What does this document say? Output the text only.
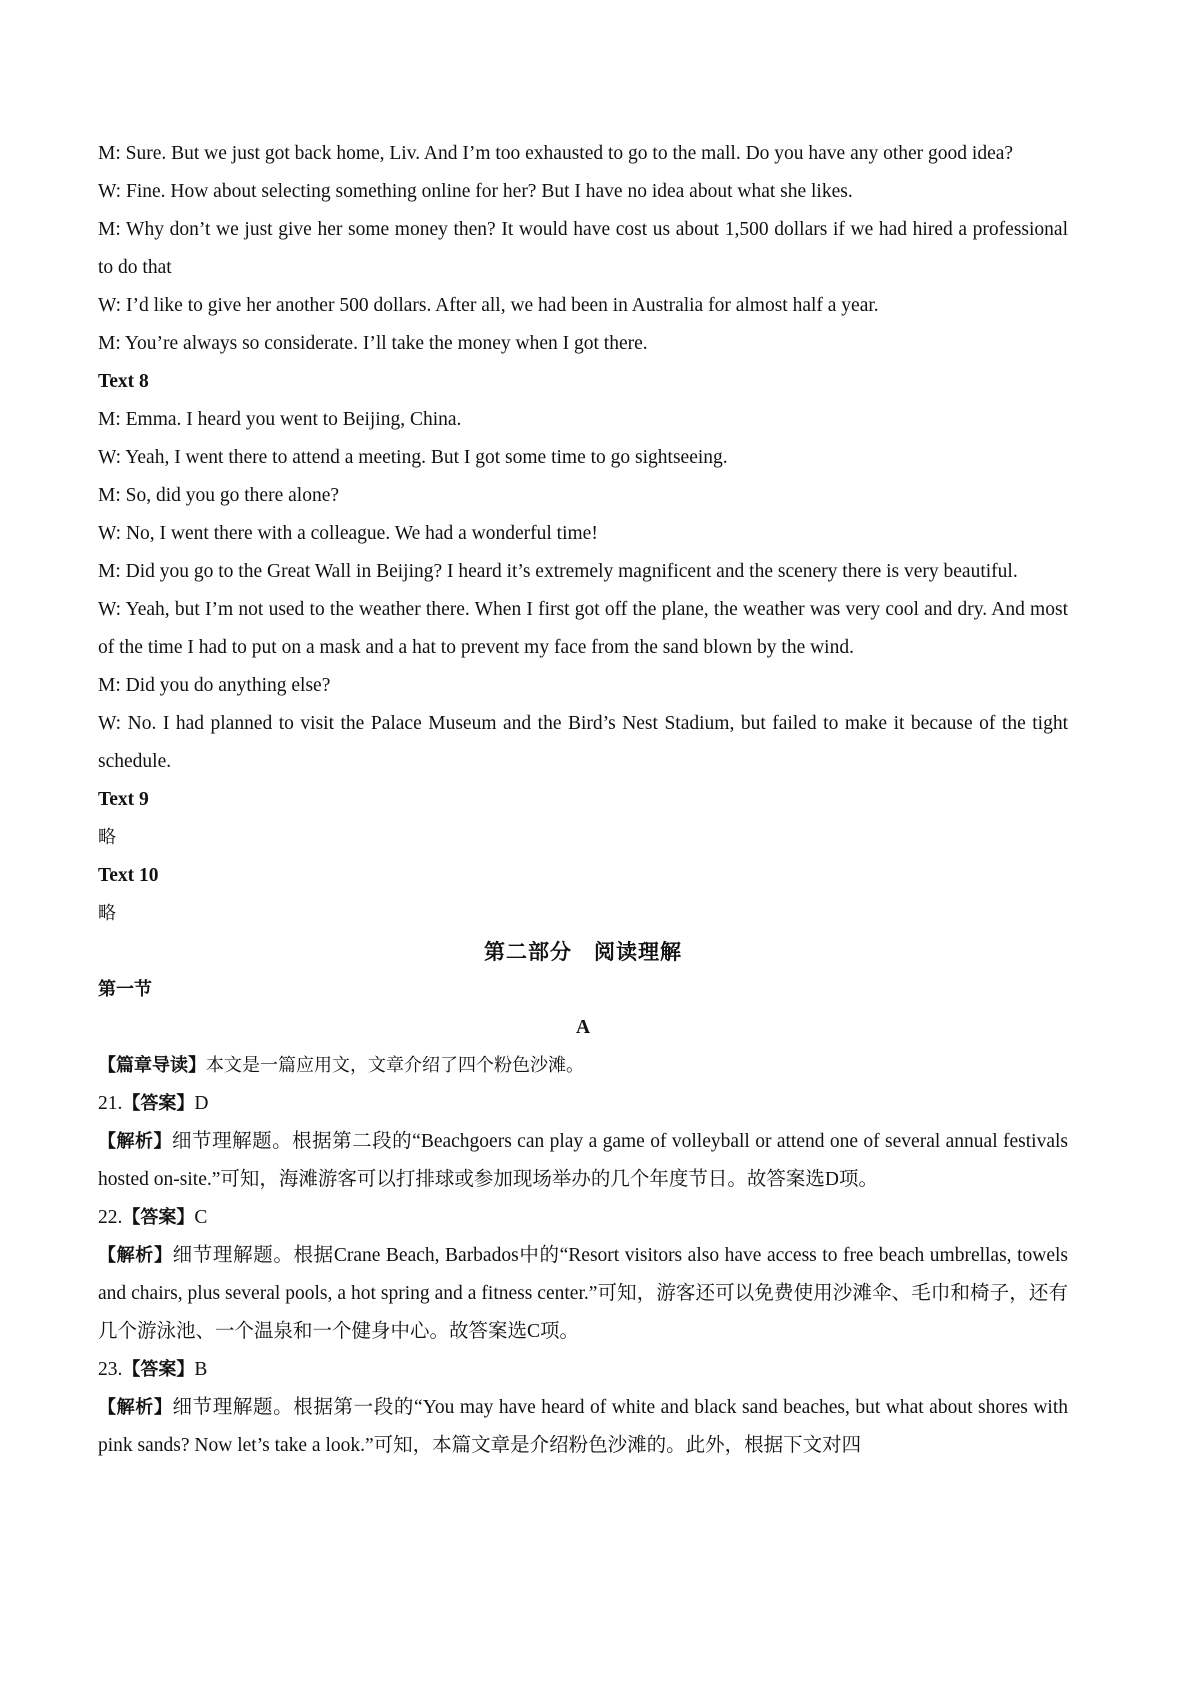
M: Sure. But we just got back home, Liv. And I’m too exhausted to go to the mall. Do you have any other good idea?

W: Fine. How about selecting something online for her? But I have no idea about what she likes.

M: Why don’t we just give her some money then? It would have cost us about 1,500 dollars if we had hired a professional to do that

W: I’d like to give her another 500 dollars. After all, we had been in Australia for almost half a year.

M: You’re always so considerate. I’ll take the money when I got there.

Text 8

M: Emma. I heard you went to Beijing, China.

W: Yeah, I went there to attend a meeting. But I got some time to go sightseeing.

M: So, did you go there alone?

W: No, I went there with a colleague. We had a wonderful time!

M: Did you go to the Great Wall in Beijing? I heard it’s extremely magnificent and the scenery there is very beautiful.

W: Yeah, but I’m not used to the weather there. When I first got off the plane, the weather was very cool and dry. And most of the time I had to put on a mask and a hat to prevent my face from the sand blown by the wind.

M: Did you do anything else?

W: No. I had planned to visit the Palace Museum and the Bird’s Nest Stadium, but failed to make it because of the tight schedule.

Text 9

略

Text 10

略

第二部分　阅读理解

第一节

A

【篇章导读】本文是一篇应用文，文章介绍了四个粉色沙滩。

21.【答案】D

【解析】细节理解题。根据第二段的“Beachgoers can play a game of volleyball or attend one of several annual festivals hosted on-site.”可知，海滩游客可以打排球或参加现场举办的几个年度节日。故答案选D项。

22.【答案】C

【解析】细节理解题。根据Crane Beach, Barbados中的“Resort visitors also have access to free beach umbrellas, towels and chairs, plus several pools, a hot spring and a fitness center.”可知，游客还可以免费使用沙滩伞、毛巾和椅子，还有几个游泳池、一个温泉和一个健身中心。故答案选C项。

23.【答案】B

【解析】细节理解题。根据第一段的“You may have heard of white and black sand beaches, but what about shores with pink sands? Now let’s take a look.”可知，本篇文章是介绍粉色沙滩的。此外，根据下文对四
